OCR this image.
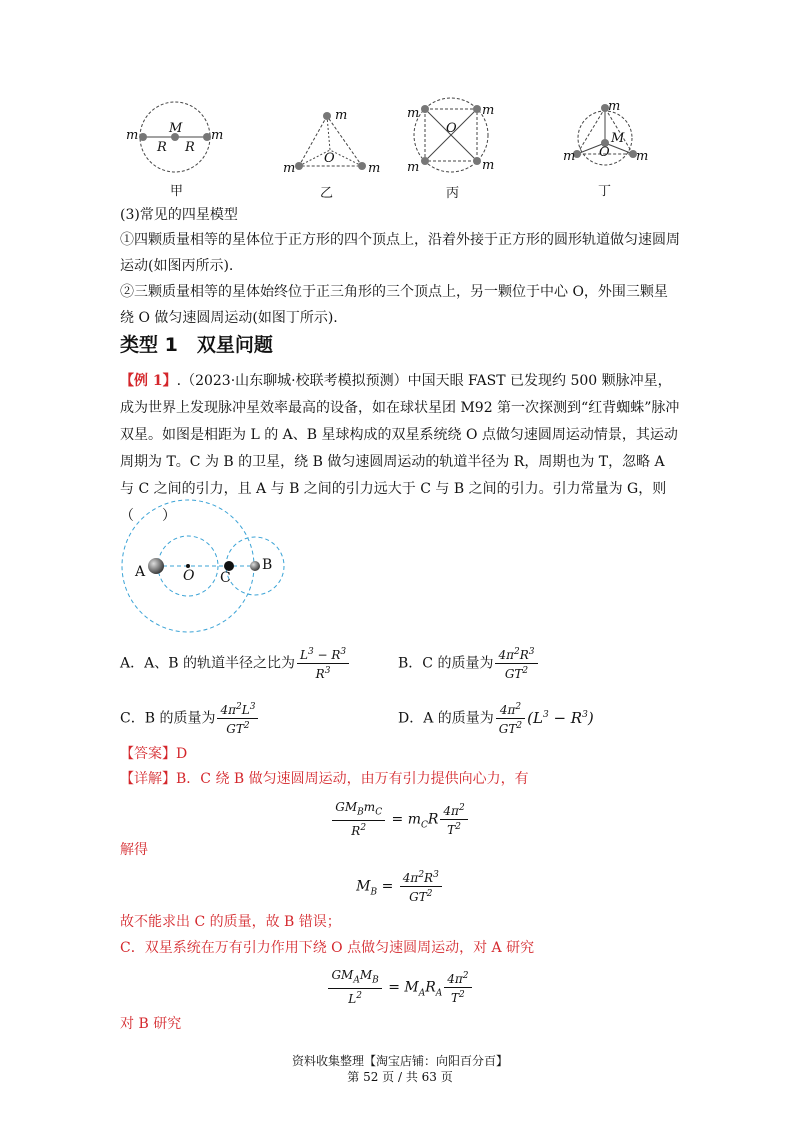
m M
R R
m
甲
m
O
m	m
乙
m	m
O
m	m
丙
m
M
O
m	m
丁
(3)常见的四星模型
①四颗质量相等的星体位于正方形的四个顶点上，沿着外接于正方形的圆形轨道做匀速圆周运动(如图丙所示).
②三颗质量相等的星体始终位于正三角形的三个顶点上，另一颗位于中心 O，外围三颗星绕 O 做匀速圆周运动(如图丁所示).
类型 1　双星问题
【例 1】.（2023·山东聊城·校联考模拟预测）中国天眼 FAST 已发现约 500 颗脉冲星，成为世界上发现脉冲星效率最高的设备，如在球状星团 M92 第一次探测到“红背蜘蛛”脉冲双星。如图是相距为 L 的 A、B 星球构成的双星系统绕 O 点做匀速圆周运动情景，其运动周期为 T。C 为 B 的卫星，绕 B 做匀速圆周运动的轨道半径为 R，周期也为 T，忽略 A 与 C 之间的引力，且 A 与 B 之间的引力远大于 C 与 B 之间的引力。引力常量为 G，则（　　）
A	O C
B
A．A、B 的轨道半径之比为 $\frac{L^3 - R^3}{R^3}$	B．C 的质量为 $\frac{4\pi^2R^3}{GT^2}$
C．B 的质量为 $\frac{4\pi^2L^3}{GT^2}$	D．A 的质量为 $\frac{4\pi^2}{GT^2} (L^3 - R^3)$
【答案】D
【详解】B．C 绕 B 做匀速圆周运动，由万有引力提供向心力，有
$\frac{GM_Bm_C}{R^2} = m_CR \frac{4\pi^2}{T^2}$
解得
$M_B = \frac{4\pi^2R^3}{GT^2}$
故不能求出 C 的质量，故 B 错误；
C．双星系统在万有引力作用下绕 O 点做匀速圆周运动，对 A 研究
$\frac{GM_AM_B}{L^2} = M_AR_A \frac{4\pi^2}{T^2}$
对 B 研究
资料收集整理【淘宝店铺：向阳百分百】
第 52 页 / 共 63 页
